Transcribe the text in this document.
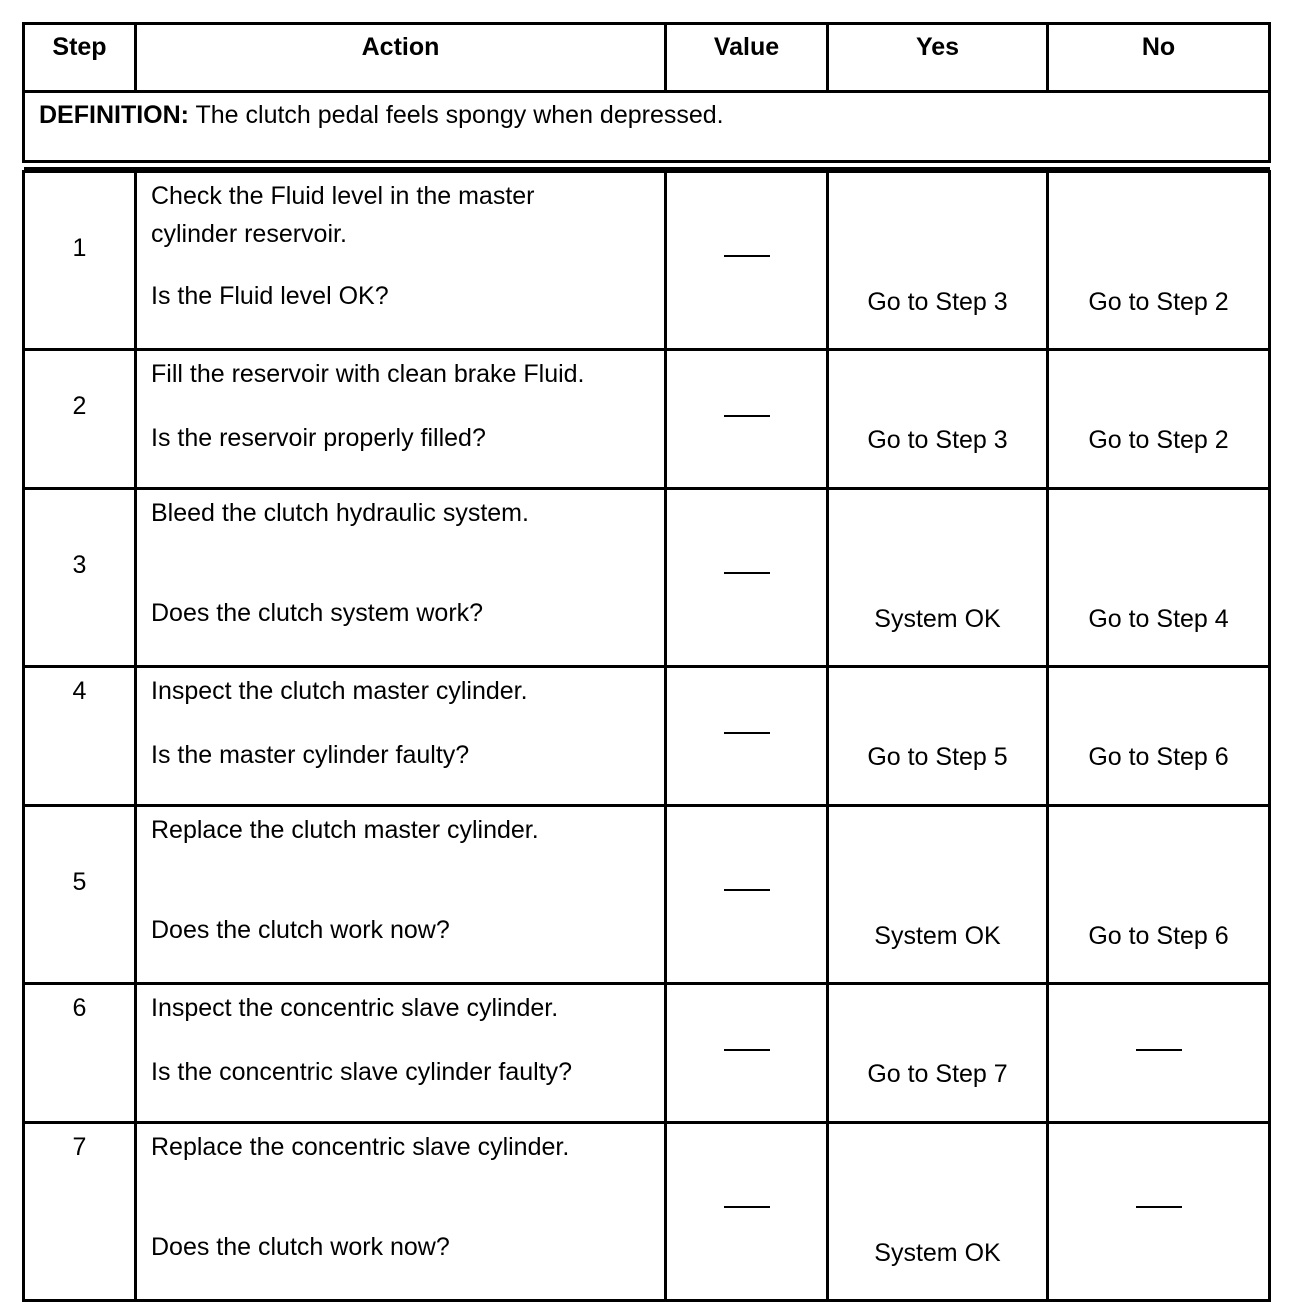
Step	Action	Value	Yes	No
DEFINITION: The clutch pedal feels spongy when depressed.

1	Check the Fluid level in the master
cylinder reservoir.
Is the Fluid level OK?		Go to Step 3	Go to Step 2

2	Fill the reservoir with clean brake Fluid.
Is the reservoir properly filled?		Go to Step 3	Go to Step 2

3	Bleed the clutch hydraulic system.
Does the clutch system work?		System OK	Go to Step 4

4	Inspect the clutch master cylinder.
Is the master cylinder faulty?		Go to Step 5	Go to Step 6

5	Replace the clutch master cylinder.
Does the clutch work now?		System OK	Go to Step 6

6	Inspect the concentric slave cylinder.
Is the concentric slave cylinder faulty?		Go to Step 7	

7	Replace the concentric slave cylinder.
Does the clutch work now?		System OK	
